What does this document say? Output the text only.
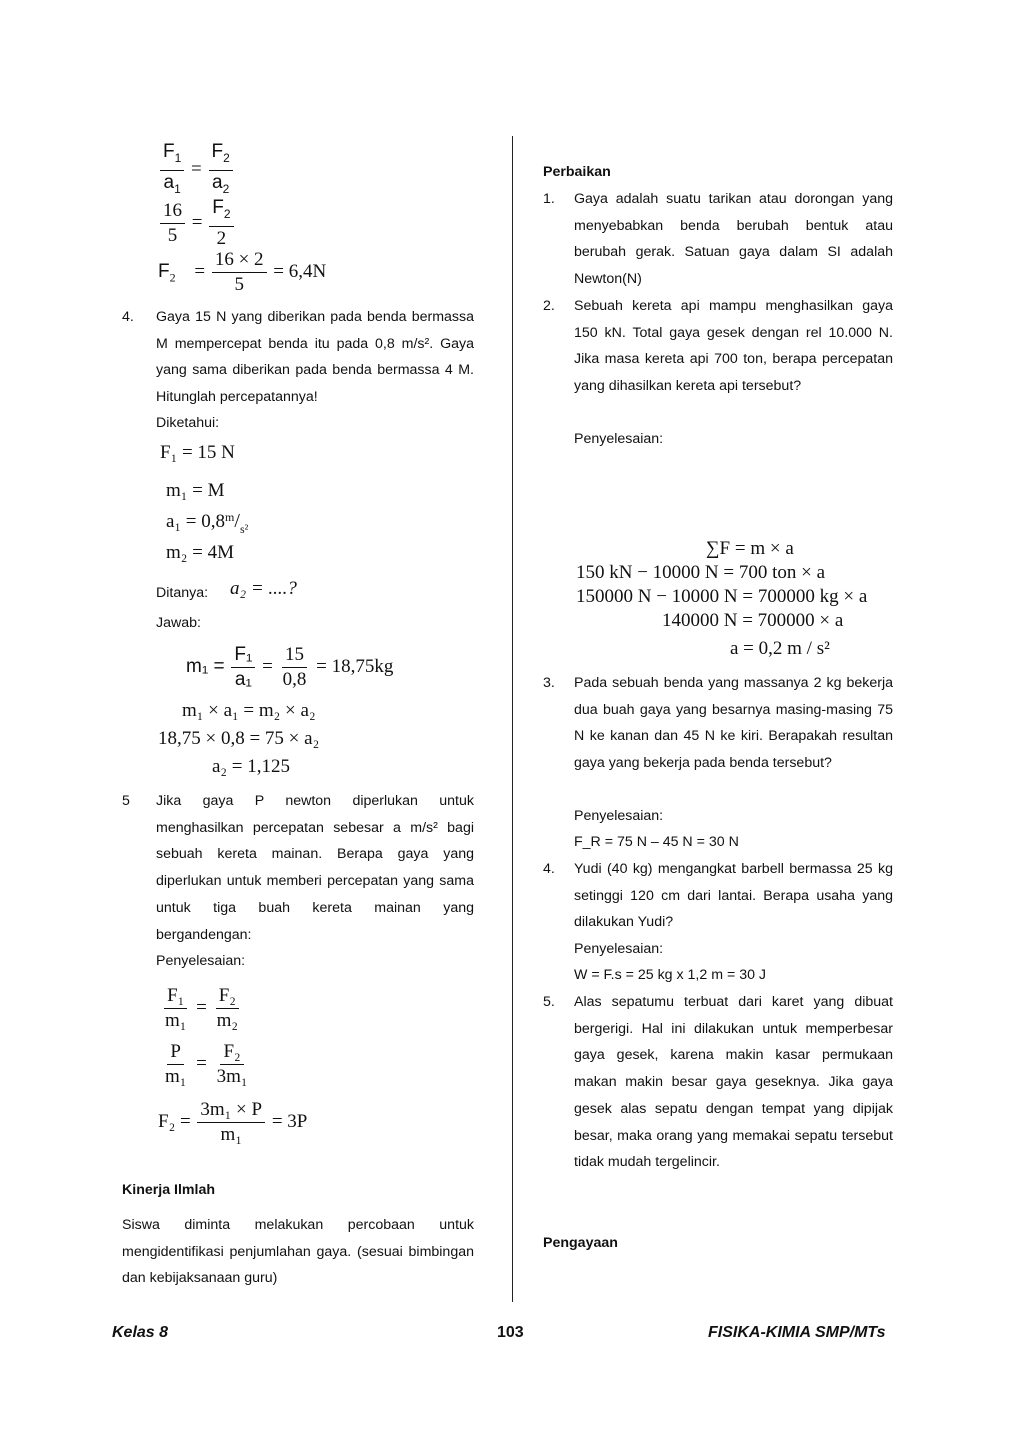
$\frac{F_1}{a_1} = \frac{F_2}{a_2}$
$\frac{16}{5} = \frac{F_2}{2}$
$F_2 = \frac{16 \times 2}{5} = 6,4N$
4. Gaya 15 N yang diberikan pada benda bermassa M mempercepat benda itu pada 0,8 m/s². Gaya yang sama diberikan pada benda bermassa 4 M. Hitunglah percepatannya!
Diketahui:
F₁ = 15 N
m₁ = M
$a_1 = 0,8^m/_{s^2}$
m₂ = 4M
Ditanya: a₂ = ....?
Jawab:
$m_1 = \frac{\text{F₁}}{\text{a₁}} = \frac{15}{0,8} = 18,75kg$
m₁ × a₁ = m₂ × a₂
18,75 × 0,8 = 75 × a₂
a₂ = 1,125
5 Jika gaya P newton diperlukan untuk menghasilkan percepatan sebesar a m/s² bagi sebuah kereta mainan. Berapa gaya yang diperlukan untuk memberi percepatan yang sama untuk tiga buah kereta mainan yang bergandengan:
Penyelesaian:
$\frac{\text{F₁}}{\text{m₁}} = \frac{\text{F₂}}{\text{m₂}}$
$\frac{P}{\text{m₁}} = \frac{\text{F₂}}{\text{3m₁}}$
$F_2 = \frac{\text{3m₁ × P}}{\text{m₁}} = 3P$
Kinerja Ilmlah
Siswa diminta melakukan percobaan untuk mengidentifikasi penjumlahan gaya. (sesuai bimbingan dan kebijaksanaan guru)
Perbaikan
1. Gaya adalah suatu tarikan atau dorongan yang menyebabkan benda berubah bentuk atau berubah gerak. Satuan gaya dalam SI adalah Newton(N)
2. Sebuah kereta api mampu menghasilkan gaya 150 kN. Total gaya gesek dengan rel 10.000 N. Jika masa kereta api 700 ton, berapa percepatan yang dihasilkan kereta api tersebut?
Penyelesaian:
∑F = m × a
150 kN − 10000 N = 700 ton × a
150000 N − 10000 N = 700000 kg × a
140000 N = 700000 × a
a = 0,2 m / s²
3. Pada sebuah benda yang massanya 2 kg bekerja dua buah gaya yang besarnya masing-masing 75 N ke kanan dan 45 N ke kiri. Berapakah resultan gaya yang bekerja pada benda tersebut?
Penyelesaian:
F_R = 75 N – 45 N = 30 N
4. Yudi (40 kg) mengangkat barbell bermassa 25 kg setinggi 120 cm dari lantai. Berapa usaha yang dilakukan Yudi?
Penyelesaian:
W = F.s = 25 kg x 1,2 m = 30 J
5. Alas sepatumu terbuat dari karet yang dibuat bergerigi. Hal ini dilakukan untuk memperbesar gaya gesek, karena makin kasar permukaan makan makin besar gaya geseknya. Jika gaya gesek alas sepatu dengan tempat yang dipijak besar, maka orang yang memakai sepatu tersebut tidak mudah tergelincir.
Pengayaan
Kelas 8	103	FISIKA-KIMIA SMP/MTs
